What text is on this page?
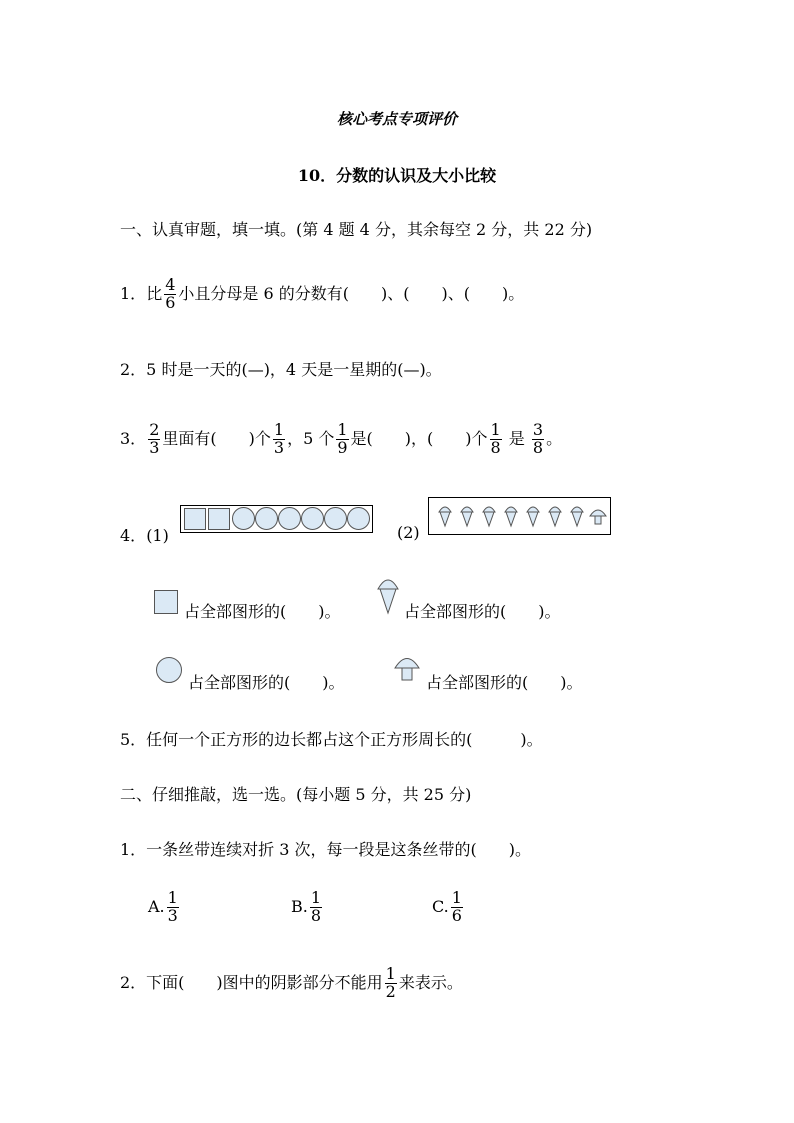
核心考点专项评价
10．分数的认识及大小比较
一、认真审题，填一填。(第 4 题 4 分，其余每空 2 分，共 22 分)
1．比 $\frac{4}{6}$ 小且分母是 6 的分数有(　　)、(　　)、(　　)。
2．5 时是一天的(—)，4 天是一星期的(—)。
3． $\frac{2}{3}$ 里面有(　　)个 $\frac{1}{3}$ ，5 个 $\frac{1}{9}$ 是(　　)，(　　)个 $\frac{1}{8}$ 是 $\frac{3}{8}$ 。
4．(1)	(2)
占全部图形的(　　)。	占全部图形的(　　)。
占全部图形的(　　)。	占全部图形的(　　)。
5．任何一个正方形的边长都占这个正方形周长的(　　　)。
二、仔细推敲，选一选。(每小题 5 分，共 25 分)
1．一条丝带连续对折 3 次，每一段是这条丝带的(　　)。
A. $\frac{1}{3}$	B. $\frac{1}{8}$	C. $\frac{1}{6}$
2．下面(　　)图中的阴影部分不能用 $\frac{1}{2}$ 来表示。
